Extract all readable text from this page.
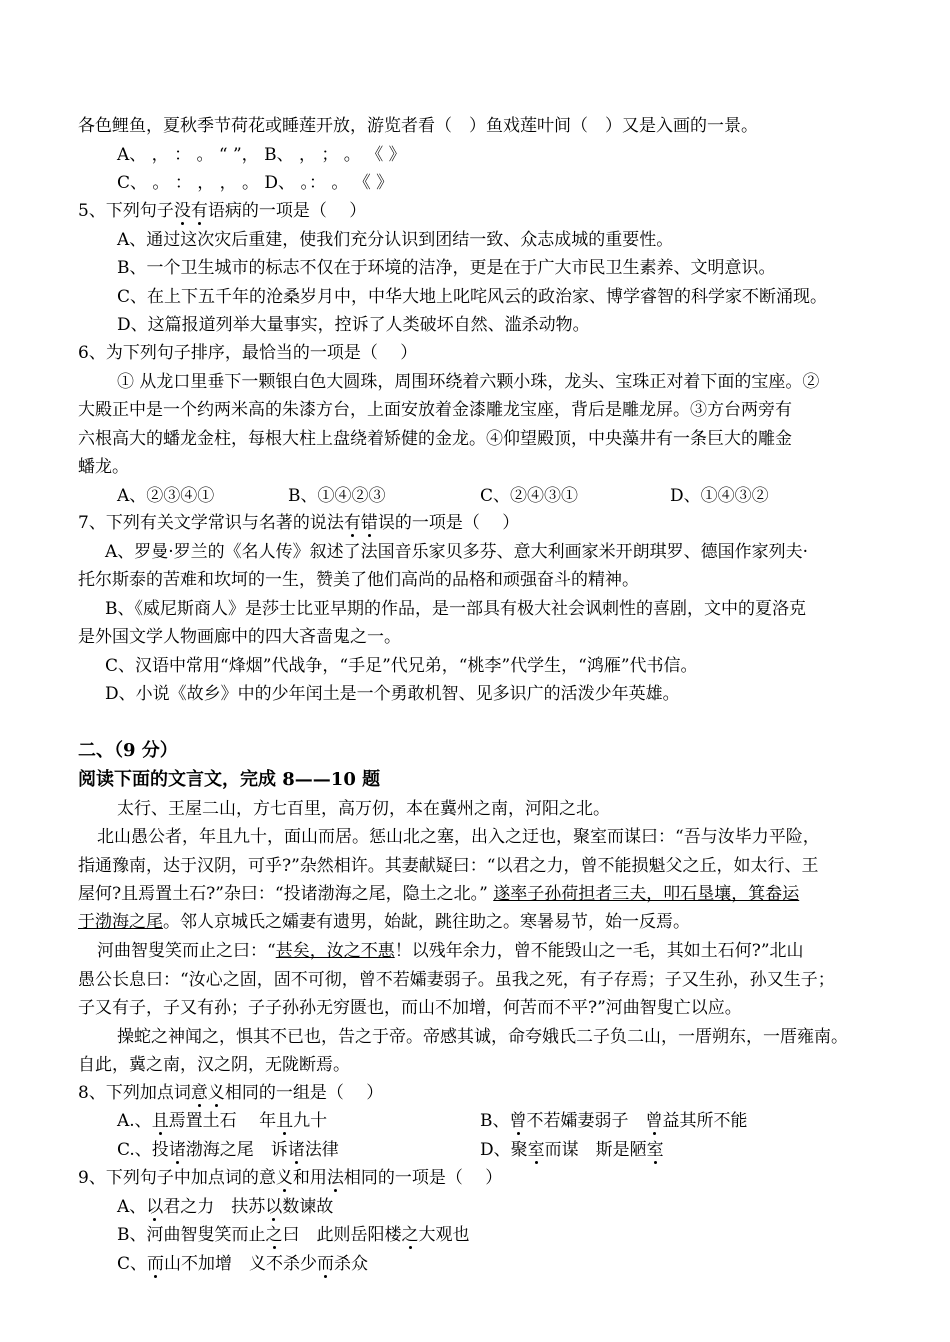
各色鲤鱼，夏秋季节荷花或睡莲开放，游览者看（　）鱼戏莲叶间（　）又是入画的一景。
A、 ， ： 。 “ ”， B、 ， ； 。 《 》
C、 。 ： ， ， 。 D、 。： 。 《 》
5、下列句子没有语病的一项是（　 ）
A、通过这次灾后重建，使我们充分认识到团结一致、众志成城的重要性。
B、一个卫生城市的标志不仅在于环境的洁净，更是在于广大市民卫生素养、文明意识。
C、在上下五千年的沧桑岁月中，中华大地上叱咤风云的政治家、博学睿智的科学家不断涌现。
D、这篇报道列举大量事实，控诉了人类破坏自然、滥杀动物。
6、为下列句子排序，最恰当的一项是（　 ）
① 从龙口里垂下一颗银白色大圆珠，周围环绕着六颗小珠，龙头、宝珠正对着下面的宝座。②
大殿正中是一个约两米高的朱漆方台，上面安放着金漆雕龙宝座，背后是雕龙屏。③方台两旁有
六根高大的蟠龙金柱，每根大柱上盘绕着矫健的金龙。④仰望殿顶，中央藻井有一条巨大的雕金
蟠龙。
A、②③④①	B、①④②③	C、②④③①	D、①④③②
7、下列有关文学常识与名著的说法有错误的一项是（　 ）
A、罗曼·罗兰的《名人传》叙述了法国音乐家贝多芬、意大利画家米开朗琪罗、德国作家列夫·
托尔斯泰的苦难和坎坷的一生，赞美了他们高尚的品格和顽强奋斗的精神。
B、《威尼斯商人》是莎士比亚早期的作品，是一部具有极大社会讽刺性的喜剧，文中的夏洛克
是外国文学人物画廊中的四大吝啬鬼之一。
C、汉语中常用“烽烟”代战争，“手足”代兄弟，“桃李”代学生，“鸿雁”代书信。
D、小说《故乡》中的少年闰土是一个勇敢机智、见多识广的活泼少年英雄。
二、（9 分）
阅读下面的文言文，完成 8——10 题
太行、王屋二山，方七百里，高万仞，本在冀州之南，河阳之北。
北山愚公者，年且九十，面山而居。惩山北之塞，出入之迂也，聚室而谋曰：“吾与汝毕力平险，
指通豫南，达于汉阴，可乎?”杂然相许。其妻献疑曰：“以君之力，曾不能损魁父之丘，如太行、王
屋何?且焉置土石?”杂曰：“投诸渤海之尾，隐土之北。” 遂率子孙荷担者三夫，叩石垦壤，箕畚运
于渤海之尾。邻人京城氏之孀妻有遗男，始龀，跳往助之。寒暑易节，始一反焉。
河曲智叟笑而止之曰：“甚矣，汝之不惠！以残年余力，曾不能毁山之一毛，其如土石何?”北山
愚公长息曰：“汝心之固，固不可彻，曾不若孀妻弱子。虽我之死，有子存焉；子又生孙，孙又生子；
子又有子，子又有孙；子子孙孙无穷匮也，而山不加增，何苦而不平?”河曲智叟亡以应。
操蛇之神闻之，惧其不已也，告之于帝。帝感其诚，命夸娥氏二子负二山，一厝朔东，一厝雍南。
自此，冀之南，汉之阴，无陇断焉。
8、下列加点词意义相同的一组是（　 ）
A.、且焉置土石　 年且九十	B、曾不若孀妻弱子　曾益其所不能
C.、投诸渤海之尾　诉诸法律	D、聚室而谋　斯是陋室
9、下列句子中加点词的意义和用法相同的一项是（　 ）
A、以君之力　扶苏以数谏故
B、河曲智叟笑而止之曰　此则岳阳楼之大观也
C、而山不加增　义不杀少而杀众
